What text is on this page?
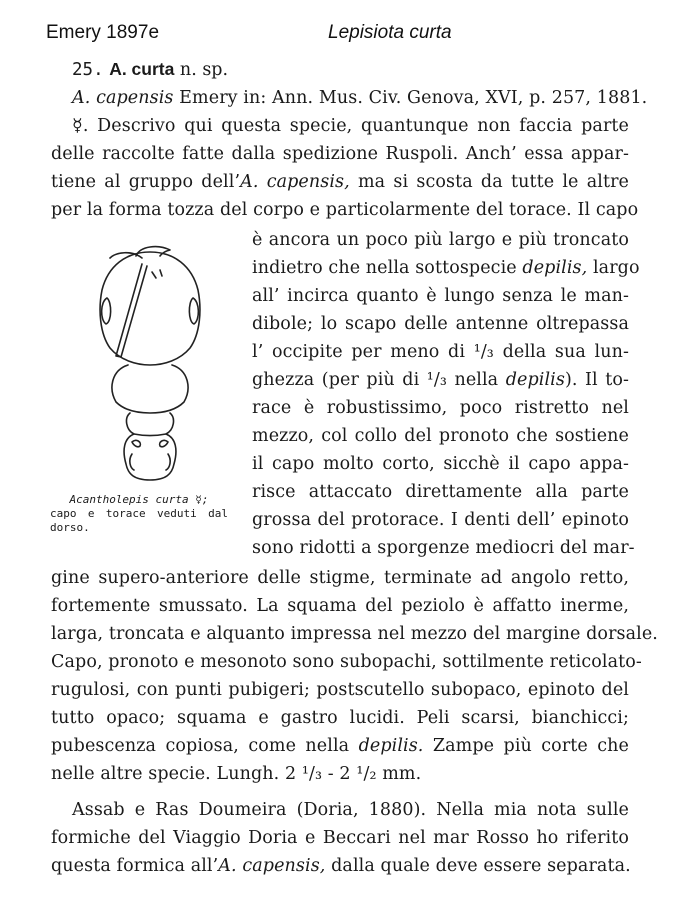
Emery 1897e	Lepisiota curta
25. A. curta n. sp.
A. capensis Emery in: Ann. Mus. Civ. Genova, XVI, p. 257, 1881.
☿. Descrivo qui questa specie, quantunque non faccia parte
delle raccolte fatte dalla spedizione Ruspoli. Anch’ essa appar-
tiene al gruppo dell’A. capensis, ma si scosta da tutte le altre
per la forma tozza del corpo e particolarmente del torace. Il capo
è ancora un poco più largo e più troncato
indietro che nella sottospecie depilis, largo
all’ incirca quanto è lungo senza le man-
dibole; lo scapo delle antenne oltrepassa
l’ occipite per meno di ¹/₃ della sua lun-
ghezza (per più di ¹/₃ nella depilis). Il to-
race è robustissimo, poco ristretto nel
mezzo, col collo del pronoto che sostiene
il capo molto corto, sicchè il capo appa-
risce attaccato direttamente alla parte
grossa del protorace. I denti dell’ epinoto
sono ridotti a sporgenze mediocri del mar-
gine supero-anteriore delle stigme, terminate ad angolo retto,
fortemente smussato. La squama del peziolo è affatto inerme,
larga, troncata e alquanto impressa nel mezzo del margine dorsale.
Capo, pronoto e mesonoto sono subopachi, sottilmente reticolato-
rugulosi, con punti pubigeri; postscutello subopaco, epinoto del
tutto opaco; squama e gastro lucidi. Peli scarsi, bianchicci;
pubescenza copiosa, come nella depilis. Zampe più corte che
nelle altre specie. Lungh. 2 ¹/₃ - 2 ¹/₂ mm.
Assab e Ras Doumeira (Doria, 1880). Nella mia nota sulle
formiche del Viaggio Doria e Beccari nel mar Rosso ho riferito
questa formica all’A. capensis, dalla quale deve essere separata.
Acantholepis curta ☿;
capo e torace veduti dal
dorso.
